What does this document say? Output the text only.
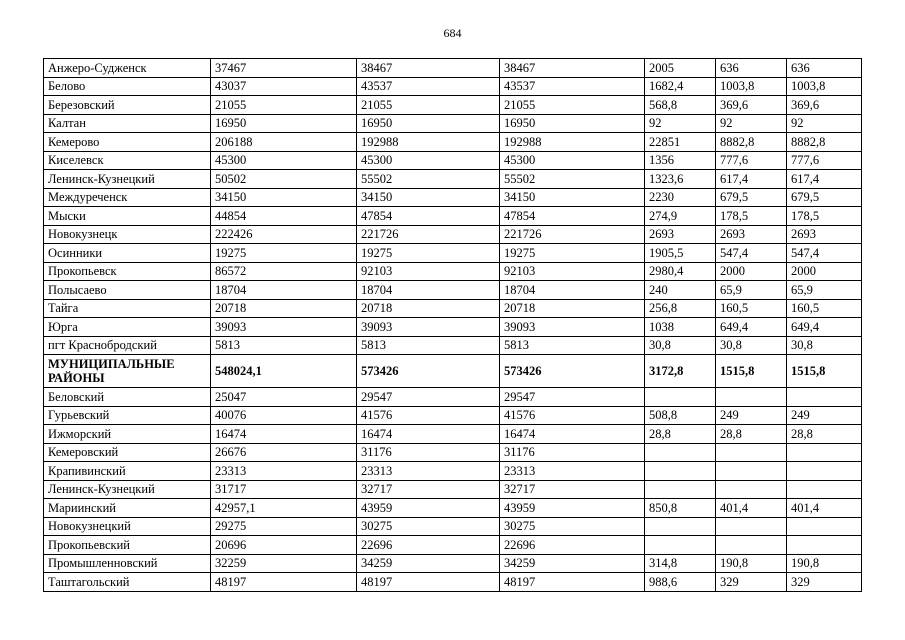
684
Анжеро-Судженск	37467	38467	38467	2005	636	636
Белово	43037	43537	43537	1682,4	1003,8	1003,8
Березовский	21055	21055	21055	568,8	369,6	369,6
Калтан	16950	16950	16950	92	92	92
Кемерово	206188	192988	192988	22851	8882,8	8882,8
Киселевск	45300	45300	45300	1356	777,6	777,6
Ленинск-Кузнецкий	50502	55502	55502	1323,6	617,4	617,4
Междуреченск	34150	34150	34150	2230	679,5	679,5
Мыски	44854	47854	47854	274,9	178,5	178,5
Новокузнецк	222426	221726	221726	2693	2693	2693
Осинники	19275	19275	19275	1905,5	547,4	547,4
Прокопьевск	86572	92103	92103	2980,4	2000	2000
Полысаево	18704	18704	18704	240	65,9	65,9
Тайга	20718	20718	20718	256,8	160,5	160,5
Юрга	39093	39093	39093	1038	649,4	649,4
пгт Краснобродский	5813	5813	5813	30,8	30,8	30,8
МУНИЦИПАЛЬНЫЕ РАЙОНЫ	548024,1	573426	573426	3172,8	1515,8	1515,8
Беловский	25047	29547	29547			
Гурьевский	40076	41576	41576	508,8	249	249
Ижморский	16474	16474	16474	28,8	28,8	28,8
Кемеровский	26676	31176	31176			
Крапивинский	23313	23313	23313			
Ленинск-Кузнецкий	31717	32717	32717			
Мариинский	42957,1	43959	43959	850,8	401,4	401,4
Новокузнецкий	29275	30275	30275			
Прокопьевский	20696	22696	22696			
Промышленновский	32259	34259	34259	314,8	190,8	190,8
Таштагольский	48197	48197	48197	988,6	329	329
